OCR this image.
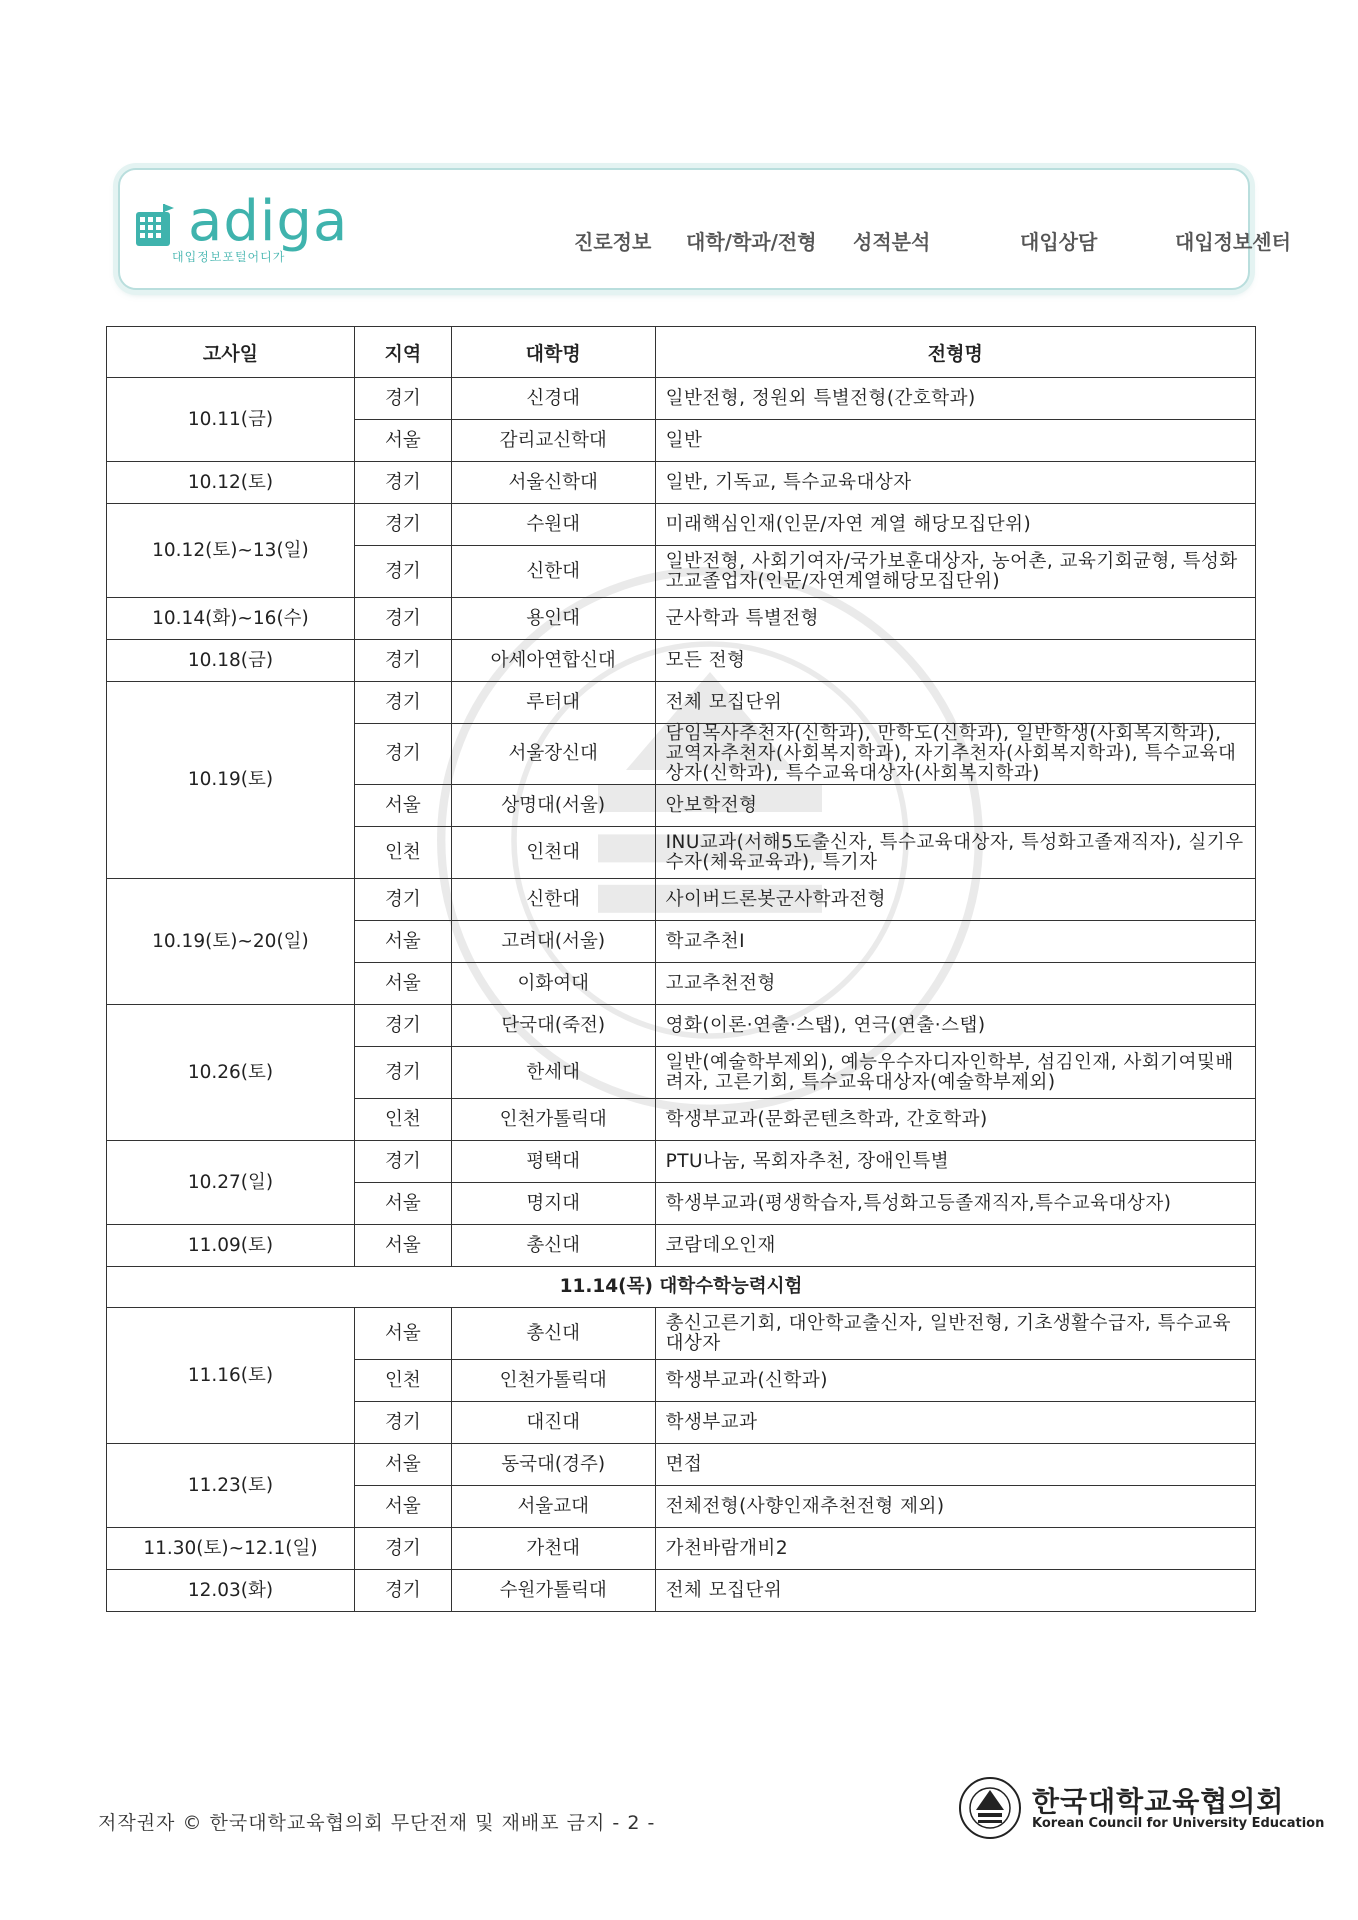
adiga
대입정보포털어디가
진로정보 대학/학과/전형 성적분석	대입상담	대입정보센터
고사일	지역	대학명	전형명
10.11(금)	경기	신경대	일반전형, 정원외 특별전형(간호학과)
	서울	감리교신학대	일반
10.12(토)	경기	서울신학대	일반, 기독교, 특수교육대상자
10.12(토)~13(일)	경기	수원대	미래핵심인재(인문/자연 계열 해당모집단위)
	경기	신한대	일반전형, 사회기여자/국가보훈대상자, 농어촌, 교육기회균형, 특성화고교졸업자(인문/자연계열해당모집단위)
10.14(화)~16(수)	경기	용인대	군사학과 특별전형
10.18(금)	경기	아세아연합신대	모든 전형
10.19(토)	경기	루터대	전체 모집단위
	경기	서울장신대	담임목사추천자(신학과), 만학도(신학과), 일반학생(사회복지학과), 교역자추천자(사회복지학과), 자기추천자(사회복지학과), 특수교육대상자(신학과), 특수교육대상자(사회복지학과)
	서울	상명대(서울)	안보학전형
	인천	인천대	INU교과(서해5도출신자, 특수교육대상자, 특성화고졸재직자), 실기우수자(체육교육과), 특기자
10.19(토)~20(일)	경기	신한대	사이버드론봇군사학과전형
	서울	고려대(서울)	학교추천I
	서울	이화여대	고교추천전형
10.26(토)	경기	단국대(죽전)	영화(이론·연출·스탭), 연극(연출·스탭)
	경기	한세대	일반(예술학부제외), 예능우수자디자인학부, 섬김인재, 사회기여및배려자, 고른기회, 특수교육대상자(예술학부제외)
	인천	인천가톨릭대	학생부교과(문화콘텐츠학과, 간호학과)
10.27(일)	경기	평택대	PTU나눔, 목회자추천, 장애인특별
	서울	명지대	학생부교과(평생학습자,특성화고등졸재직자,특수교육대상자)
11.09(토)	서울	총신대	코람데오인재
11.14(목) 대학수학능력시험			
11.16(토)	서울	총신대	총신고른기회, 대안학교출신자, 일반전형, 기초생활수급자, 특수교육대상자
	인천	인천가톨릭대	학생부교과(신학과)
	경기	대진대	학생부교과
11.23(토)	서울	동국대(경주)	면접
	서울	서울교대	전체전형(사향인재추천전형 제외)
11.30(토)~12.1(일)	경기	가천대	가천바람개비2
12.03(화)	경기	수원가톨릭대	전체 모집단위
저작권자 © 한국대학교육협의회 무단전재 및 재배포 금지 - 2 -
한국대학교육협의회
Korean Council for University Education
